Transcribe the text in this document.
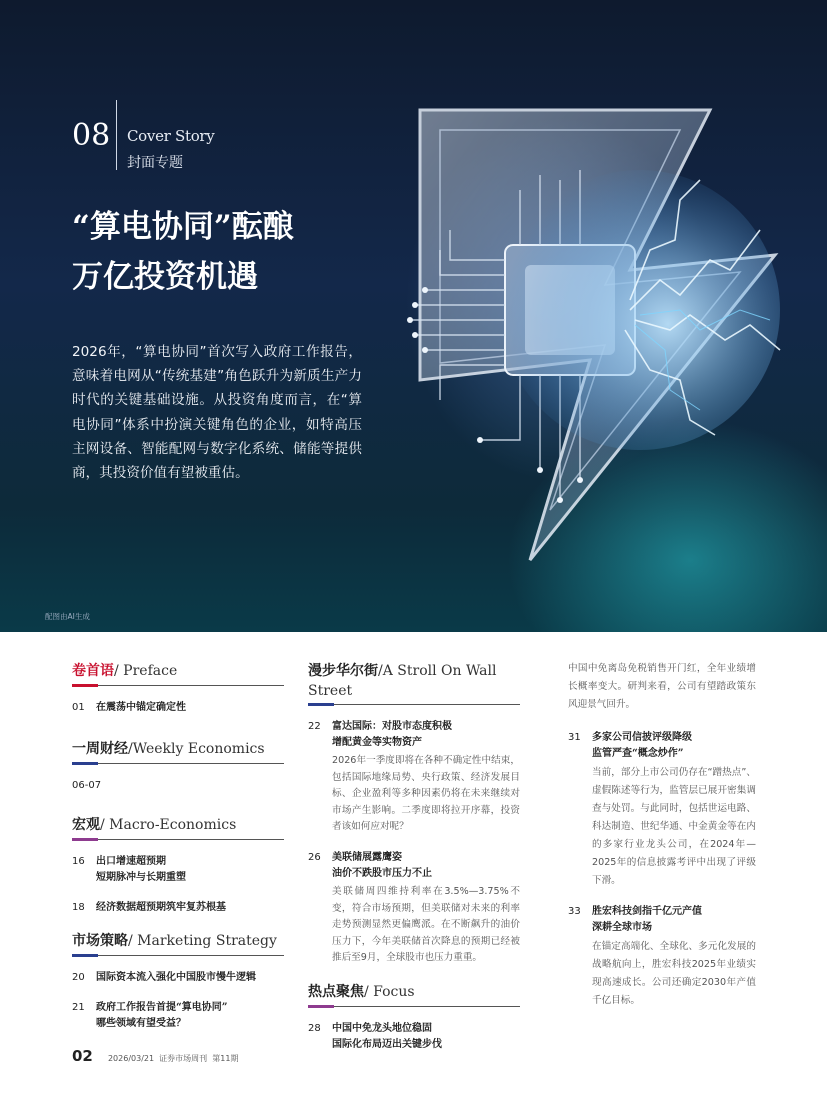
08 Cover Story
封面专题
“算电协同”酝酿
万亿投资机遇
2026年，“算电协同”首次写入政府工作报告，意味着电网从“传统基建”角色跃升为新质生产力时代的关键基础设施。从投资角度而言，在“算电协同”体系中扮演关键角色的企业，如特高压主网设备、智能配网与数字化系统、储能等提供商，其投资价值有望被重估。
配图由AI生成
卷首语/ Preface
01	在震荡中锚定确定性
一周财经/Weekly Economics
06-07
宏观/ Macro-Economics
16	出口增速超预期
短期脉冲与长期重塑
18	经济数据超预期筑牢复苏根基
市场策略/ Marketing Strategy
20	国际资本流入强化中国股市慢牛逻辑
21	政府工作报告首提“算电协同”
哪些领域有望受益？
漫步华尔街/A Stroll On Wall Street
22	富达国际：对股市态度积极
增配黄金等实物资产
2026年一季度即将在各种不确定性中结束，包括国际地缘局势、央行政策、经济发展目标、企业盈利等多种因素仍将在未来继续对市场产生影响。二季度即将拉开序幕，投资者该如何应对呢？
26	美联储展露鹰姿
油价不跌股市压力不止
美联储周四维持利率在3.5%—3.75%不变，符合市场预期，但美联储对未来的利率走势预测显然更偏鹰派。在不断飙升的油价压力下，今年美联储首次降息的预期已经被推后至9月，全球股市也压力重重。
热点聚焦/ Focus
28	中国中免龙头地位稳固
国际化布局迈出关键步伐

中国中免离岛免税销售开门红，全年业绩增长概率变大。研判来看，公司有望踏政策东风迎景气回升。

31	多家公司信披评级降级
监管严查“概念炒作”
当前，部分上市公司仍存在“蹭热点”、虚假陈述等行为，监管层已展开密集调查与处罚。与此同时，包括世运电路、科达制造、世纪华通、中金黄金等在内的多家行业龙头公司，在2024年—2025年的信息披露考评中出现了评级下滑。
33	胜宏科技剑指千亿元产值
深耕全球市场
在锚定高端化、全球化、多元化发展的战略航向上，胜宏科技2025年业绩实现高速成长。公司还确定2030年产值千亿目标。
02 2026/03/21 证券市场周刊 第11期
